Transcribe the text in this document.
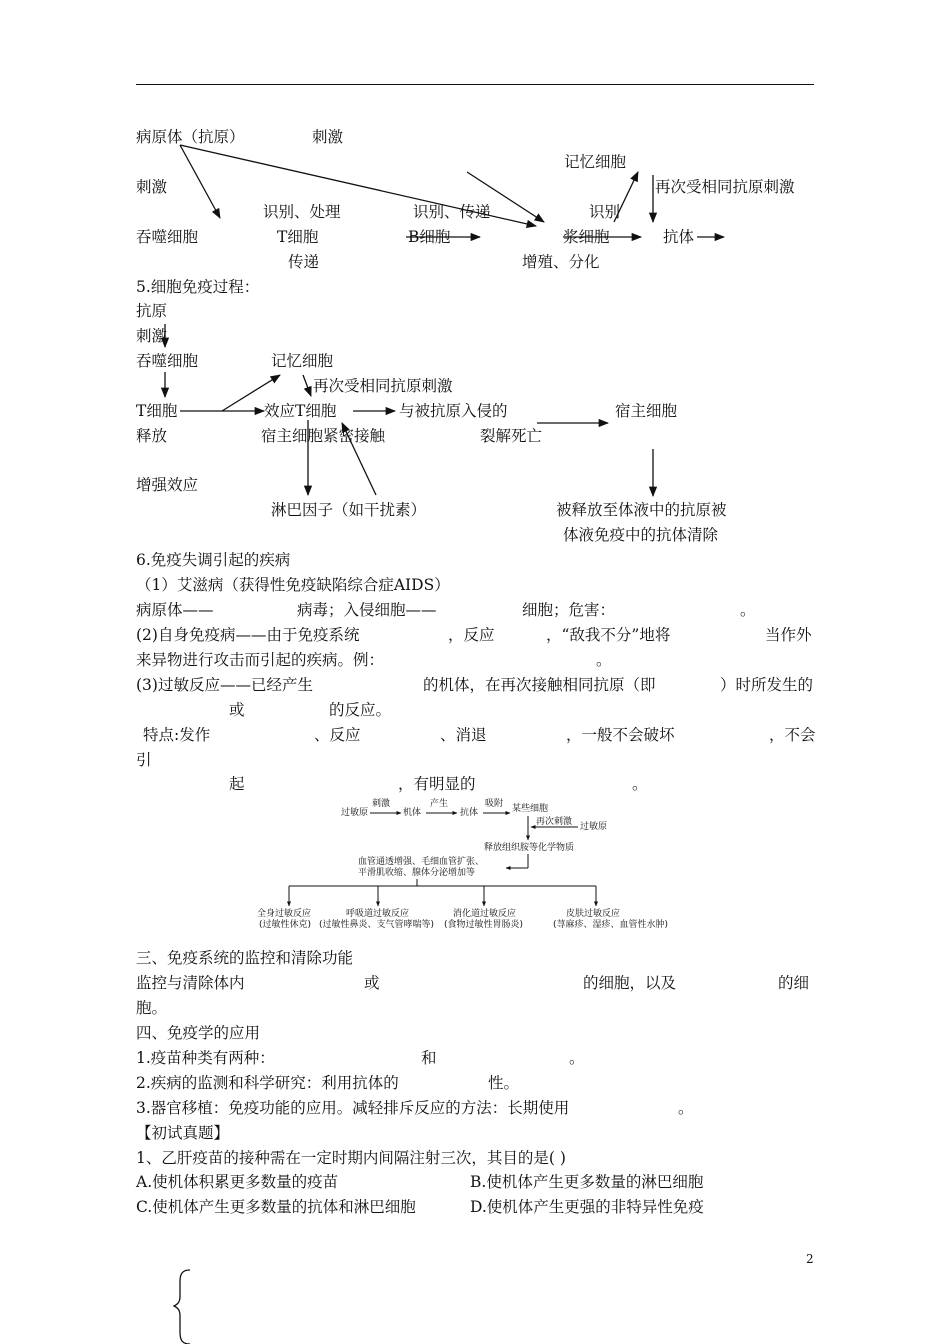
病原体（抗原）	刺激
记忆细胞
刺激	再次受相同抗原刺激
识别、处理	识别、传递	识别
吞噬细胞	T细胞	B细胞	浆细胞	抗体
传递	增殖、分化
5.细胞免疫过程：
抗原
刺激
吞噬细胞	记忆细胞
再次受相同抗原刺激
T细胞	效应T细胞	与被抗原入侵的	宿主细胞
释放	宿主细胞紧密接触	裂解死亡
增强效应
淋巴因子（如干扰素）	被释放至体液中的抗原被
体液免疫中的抗体清除
6.免疫失调引起的疾病
（1）艾滋病（获得性免疫缺陷综合症AIDS）
病原体——	病毒；入侵细胞——	细胞；危害：	。
(2)自身免疫病——由于免疫系统	，反应	，“敌我不分”地将	当作外
来异物进行攻击而引起的疾病。例：	。
(3)过敏反应——已经产生	的机体，在再次接触相同抗原（即	）时所发生的
或	的反应。
特点:发作	、反应	、消退	，一般不会破坏	，不会
引
起	，有明显的	。
过敏原
刺激
机体
产生
抗体
吸附 某些细胞
再次刺激 过敏原
释放组织胺等化学物质
血管通透增强、毛细血管扩张、
平滑肌收缩、腺体分泌增加等
全身过敏反应
(过敏性休克)
呼吸道过敏反应
(过敏性鼻炎、支气管哮喘等)
消化道过敏反应
(食物过敏性胃肠炎)
皮肤过敏反应
(荨麻疹、湿疹、血管性水肿)
三、免疫系统的监控和清除功能
监控与清除体内	或	的细胞，以及	的细
胞。
四、免疫学的应用
1.疫苗种类有两种：	和	。
2.疾病的监测和科学研究：利用抗体的	性。
3.器官移植：免疫功能的应用。减轻排斥反应的方法：长期使用	。
【初试真题】
1、乙肝疫苗的接种需在一定时期内间隔注射三次，其目的是( )
A.使机体积累更多数量的疫苗	B.使机体产生更多数量的淋巴细胞
C.使机体产生更多数量的抗体和淋巴细胞	D.使机体产生更强的非特异性免疫
2
